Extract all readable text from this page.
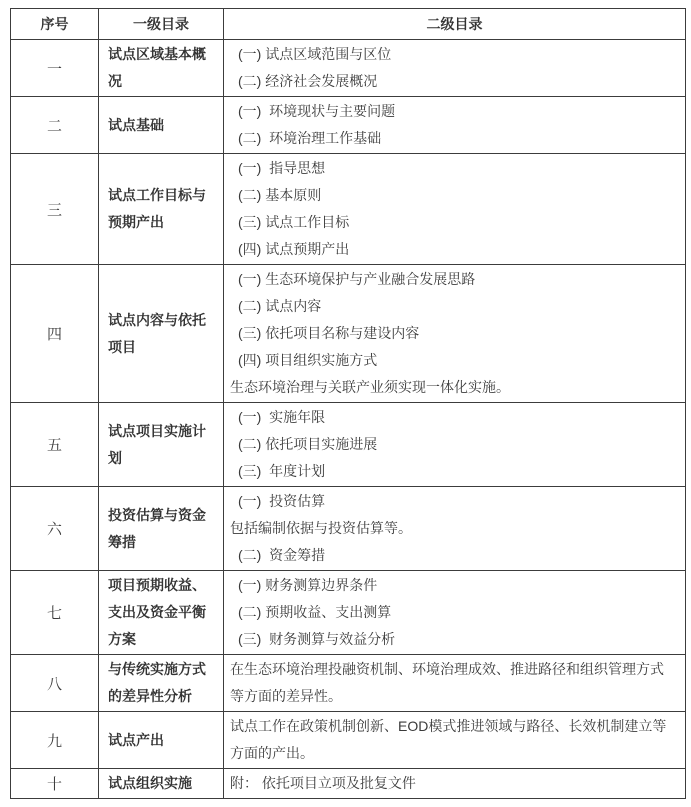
序号	一级目录	二级目录
一	试点区域基本概况	(一) 试点区域范围与区位
(二) 经济社会发展概况

二	试点基础	(一)  环境现状与主要问题
(二)  环境治理工作基础

三	试点工作目标与预期产出	(一)  指导思想
(二) 基本原则
(三) 试点工作目标
(四) 试点预期产出

四	试点内容与依托项目	(一) 生态环境保护与产业融合发展思路
(二) 试点内容
(三) 依托项目名称与建设内容
(四) 项目组织实施方式
生态环境治理与关联产业须实现一体化实施。

五	试点项目实施计划	(一)  实施年限
(二) 依托项目实施进展
(三)  年度计划

六	投资估算与资金筹措	(一)  投资估算
包括编制依据与投资估算等。
(二)  资金筹措

七	项目预期收益、支出及资金平衡方案	(一) 财务测算边界条件
(二) 预期收益、支出测算
(三)  财务测算与效益分析

八	与传统实施方式的差异性分析	在生态环境治理投融资机制、环境治理成效、推进路径和组织管理方式等方面的差异性。

九	试点产出	试点工作在政策机制创新、EOD模式推进领域与路径、长效机制建立等方面的产出。

十	试点组织实施	附： 依托项目立项及批复文件
